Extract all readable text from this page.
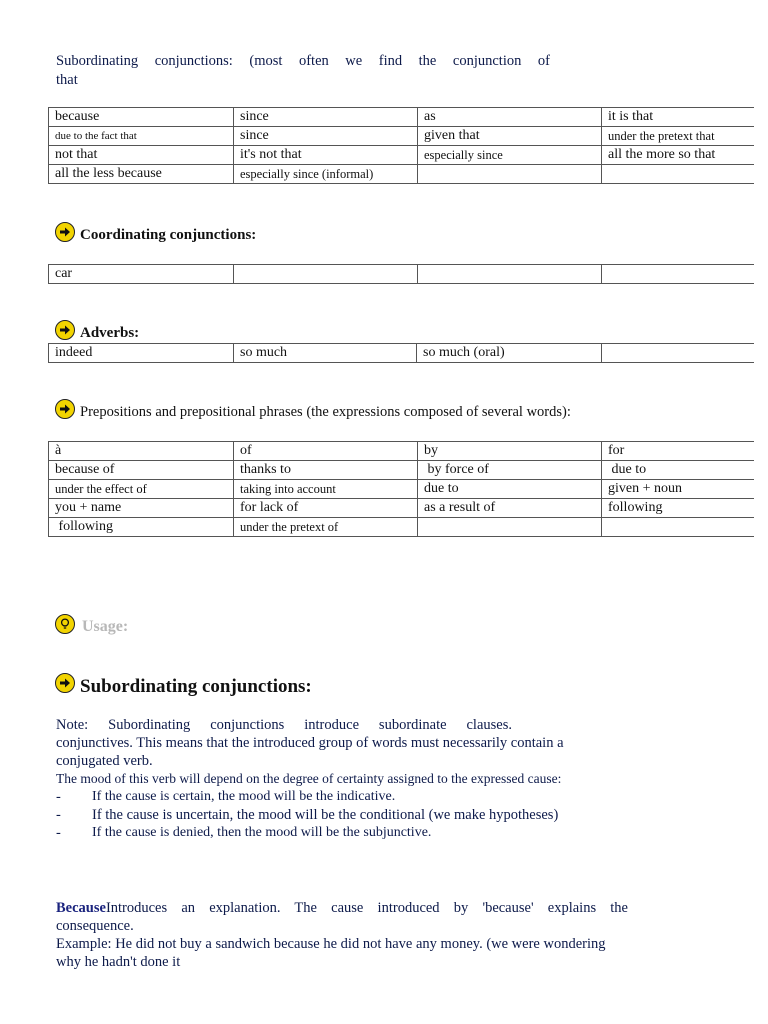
Subordinating conjunctions: (most often we find the conjunction of
that
because	since	as	it is that
due to the fact that	since	given that	under the pretext that
not that	it's not that	especially since	all the more so that
all the less because	especially since (informal)		
Coordinating conjunctions:
car			
Adverbs:
indeed	so much	so much (oral)	
Prepositions and prepositional phrases (the expressions composed of several words):
à	of	by	for
because of	thanks to	by force of	due to
under the effect of	taking into account	due to	given + noun
you + name	for lack of	as a result of	following
following	under the pretext of		
Usage:
Subordinating conjunctions:
Note: Subordinating conjunctions introduce subordinate clauses.
conjunctives. This means that the introduced group of words must necessarily contain a
conjugated verb.
The mood of this verb will depend on the degree of certainty assigned to the expressed cause:
- If the cause is certain, the mood will be the indicative.
- If the cause is uncertain, the mood will be the conditional (we make hypotheses)
- If the cause is denied, then the mood will be the subjunctive.
BecauseIntroduces an explanation. The cause introduced by 'because' explains the
consequence.
Example: He did not buy a sandwich because he did not have any money. (we were wondering
why he hadn't done it
